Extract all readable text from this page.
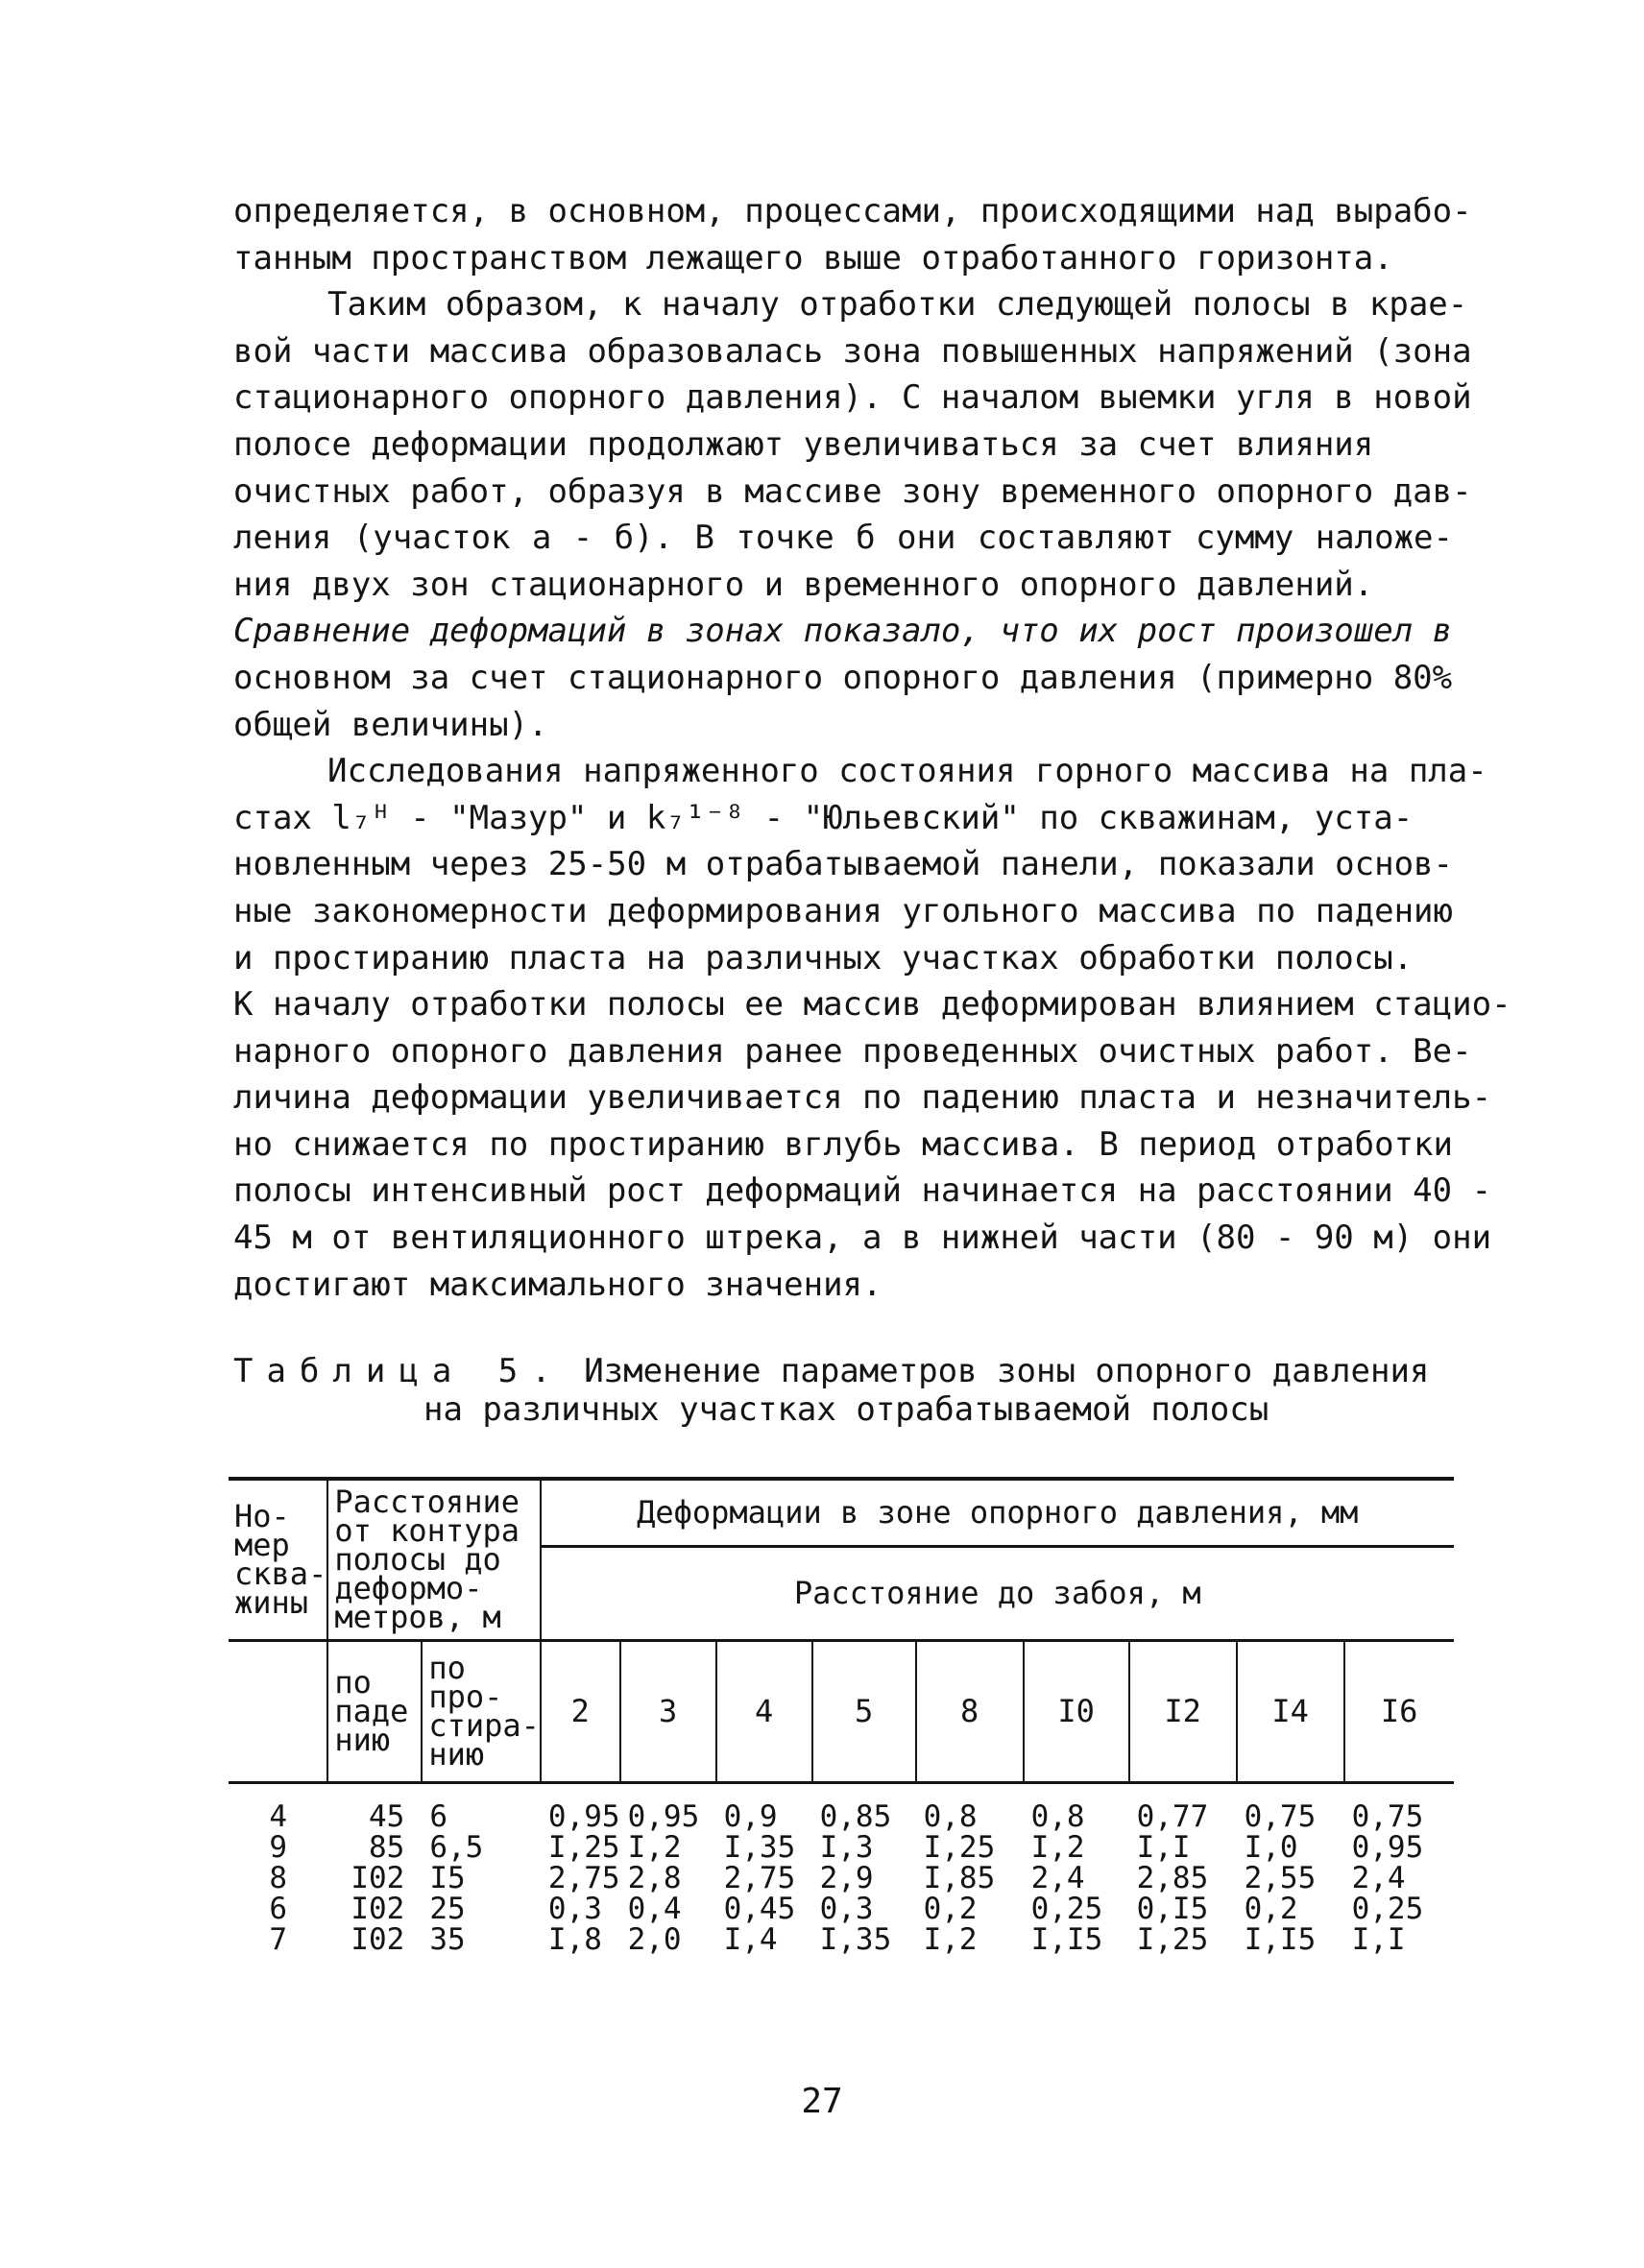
определяется, в основном, процессами, происходящими над вырабо-
танным пространством лежащего выше отработанного горизонта.
Таким образом, к началу отработки следующей полосы в крае-
вой части массива образовалась зона повышенных напряжений (зона
стационарного опорного давления). С началом выемки угля в новой
полосе деформации продолжают увеличиваться за счет влияния
очистных работ, образуя в массиве зону временного опорного дав-
ления (участок а - б). В точке б они составляют сумму наложе-
ния двух зон стационарного и временного опорного давлений.
Сравнение деформаций в зонах показало, что их рост произошел в
основном за счет стационарного опорного давления (примерно 80%
общей величины).
Исследования напряженного состояния горного массива на пла-
стах l₇ᴴ - "Мазур" и k₇¹⁻⁸ - "Юльевский" по скважинам, уста-
новленным через 25-50 м отрабатываемой панели, показали основ-
ные закономерности деформирования угольного массива по падению
и простиранию пласта на различных участках обработки полосы.
К началу отработки полосы ее массив деформирован влиянием стацио-
нарного опорного давления ранее проведенных очистных работ. Ве-
личина деформации увеличивается по падению пласта и незначитель-
но снижается по простиранию вглубь массива. В период отработки
полосы интенсивный рост деформаций начинается на расстоянии 40 -
45 м от вентиляционного штрека, а в нижней части (80 - 90 м) они
достигают максимального значения.
Таблица 5. Изменение параметров зоны опорного давления
на различных участках отрабатываемой полосы
Но-
мер
сква-
жины	Расстояние
от контура
полосы до
деформо-
метров, м		Деформации в зоне опорного давления, мм								
			Расстояние до забоя, м								
	по
паде
нию	по
про-
стира-
нию	2	3	4	5	8	I0	I2	I4	I6
4	45	6	0,95	0,95	0,9	0,85	0,8	0,8	0,77	0,75	0,75
9	85	6,5	I,25	I,2	I,35	I,3	I,25	I,2	I,I	I,0	0,95
8	I02	I5	2,75	2,8	2,75	2,9	I,85	2,4	2,85	2,55	2,4
6	I02	25	0,3	0,4	0,45	0,3	0,2	0,25	0,I5	0,2	0,25
7	I02	35	I,8	2,0	I,4	I,35	I,2	I,I5	I,25	I,I5	I,I
27
